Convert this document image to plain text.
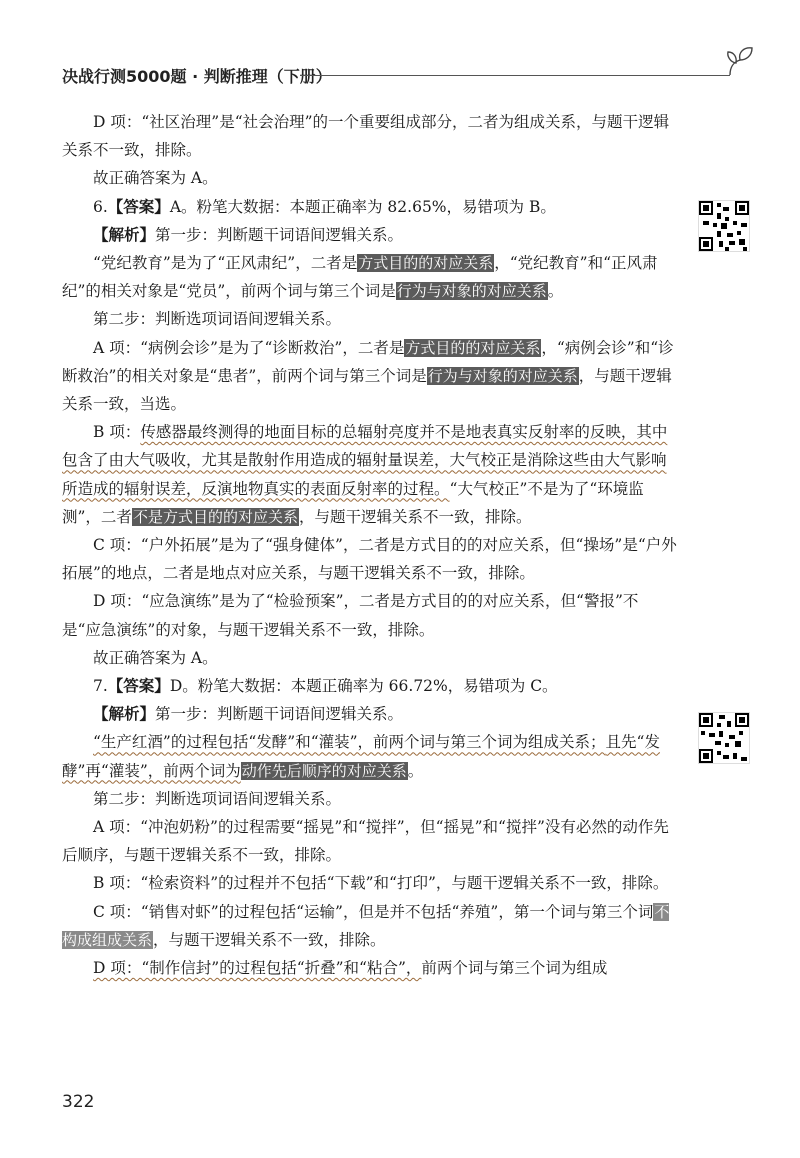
决战行测5000题 · 判断推理（下册）

D 项：“社区治理”是“社会治理”的一个重要组成部分，二者为组成关系，与题干逻辑关系不一致，排除。

故正确答案为 A。

6.【答案】A。粉笔大数据：本题正确率为 82.65%，易错项为 B。

【解析】第一步：判断题干词语间逻辑关系。

“党纪教育”是为了“正风肃纪”，二者是方式目的的对应关系，“党纪教育”和“正风肃纪”的相关对象是“党员”，前两个词与第三个词是行为与对象的对应关系。

第二步：判断选项词语间逻辑关系。

A 项：“病例会诊”是为了“诊断救治”，二者是方式目的的对应关系，“病例会诊”和“诊断救治”的相关对象是“患者”，前两个词与第三个词是行为与对象的对应关系，与题干逻辑关系一致，当选。

B 项：传感器最终测得的地面目标的总辐射亮度并不是地表真实反射率的反映，其中包含了由大气吸收，尤其是散射作用造成的辐射量误差，大气校正是消除这些由大气影响所造成的辐射误差，反演地物真实的表面反射率的过程。“大气校正”不是为了“环境监测”，二者不是方式目的的对应关系，与题干逻辑关系不一致，排除。

C 项：“户外拓展”是为了“强身健体”，二者是方式目的的对应关系，但“操场”是“户外拓展”的地点，二者是地点对应关系，与题干逻辑关系不一致，排除。

D 项：“应急演练”是为了“检验预案”，二者是方式目的的对应关系，但“警报”不是“应急演练”的对象，与题干逻辑关系不一致，排除。

故正确答案为 A。

7.【答案】D。粉笔大数据：本题正确率为 66.72%，易错项为 C。

【解析】第一步：判断题干词语间逻辑关系。

“生产红酒”的过程包括“发酵”和“灌装”，前两个词与第三个词为组成关系；且先“发酵”再“灌装”，前两个词为动作先后顺序的对应关系。

第二步：判断选项词语间逻辑关系。

A 项：“冲泡奶粉”的过程需要“摇晃”和“搅拌”，但“摇晃”和“搅拌”没有必然的动作先后顺序，与题干逻辑关系不一致，排除。

B 项：“检索资料”的过程并不包括“下载”和“打印”，与题干逻辑关系不一致，排除。

C 项：“销售对虾”的过程包括“运输”，但是并不包括“养殖”，第一个词与第三个词不构成组成关系，与题干逻辑关系不一致，排除。

D 项：“制作信封”的过程包括“折叠”和“粘合”，前两个词与第三个词为组成

322
